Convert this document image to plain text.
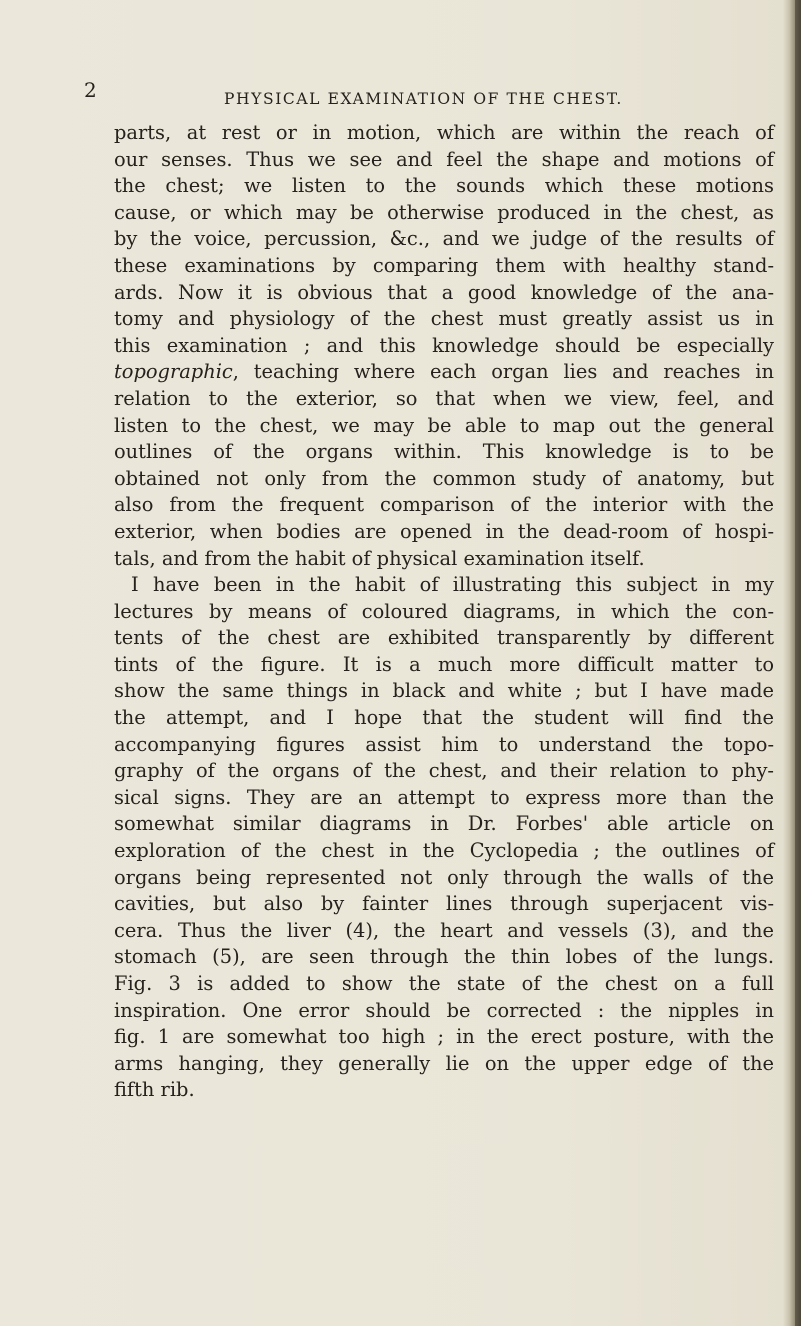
2	PHYSICAL EXAMINATION OF THE CHEST.
parts, at rest or in motion, which are within the reach of
our senses. Thus we see and feel the shape and motions of
the chest; we listen to the sounds which these motions
cause, or which may be otherwise produced in the chest, as
by the voice, percussion, &c., and we judge of the results of
these examinations by comparing them with healthy stand-
ards. Now it is obvious that a good knowledge of the ana-
tomy and physiology of the chest must greatly assist us in
this examination ; and this knowledge should be especially
topographic, teaching where each organ lies and reaches in
relation to the exterior, so that when we view, feel, and
listen to the chest, we may be able to map out the general
outlines of the organs within. This knowledge is to be
obtained not only from the common study of anatomy, but
also from the frequent comparison of the interior with the
exterior, when bodies are opened in the dead-room of hospi-
tals, and from the habit of physical examination itself.
I have been in the habit of illustrating this subject in my
lectures by means of coloured diagrams, in which the con-
tents of the chest are exhibited transparently by different
tints of the figure. It is a much more difficult matter to
show the same things in black and white ; but I have made
the attempt, and I hope that the student will find the
accompanying figures assist him to understand the topo-
graphy of the organs of the chest, and their relation to phy-
sical signs. They are an attempt to express more than the
somewhat similar diagrams in Dr. Forbes' able article on
exploration of the chest in the Cyclopedia ; the outlines of
organs being represented not only through the walls of the
cavities, but also by fainter lines through superjacent vis-
cera. Thus the liver (4), the heart and vessels (3), and the
stomach (5), are seen through the thin lobes of the lungs.
Fig. 3 is added to show the state of the chest on a full
inspiration. One error should be corrected : the nipples in
fig. 1 are somewhat too high ; in the erect posture, with the
arms hanging, they generally lie on the upper edge of the
fifth rib.
